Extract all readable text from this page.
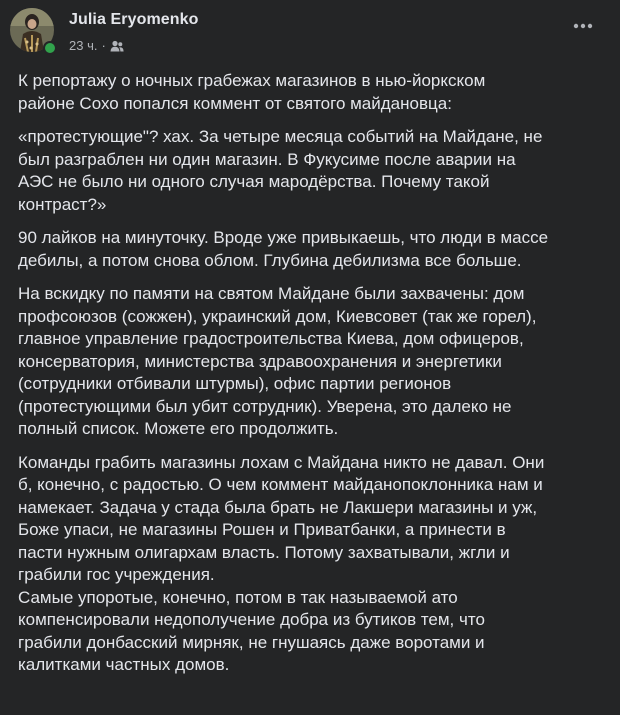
Julia Eryomenko
23 ч. ·

К репортажу о ночных грабежах магазинов в нью-йоркском
районе Сохо попался коммент от святого майдановца:

«протестующие"? хах. За четыре месяца событий на Майдане, не
был разграблен ни один магазин. В Фукусиме после аварии на
АЭС не было ни одного случая мародёрства. Почему такой
контраст?»

90 лайков на минуточку. Вроде уже привыкаешь, что люди в массе
дебилы, а потом снова облом. Глубина дебилизма все больше.

На вскидку по памяти на святом Майдане были захвачены: дом
профсоюзов (сожжен), украинский дом, Киевсовет (так же горел),
главное управление градостроительства Киева, дом офицеров,
консерватория, министерства здравоохранения и энергетики
(сотрудники отбивали штурмы), офис партии регионов
(протестующими был убит сотрудник). Уверена, это далеко не
полный список. Можете его продолжить.

Команды грабить магазины лохам с Майдана никто не давал. Они
б, конечно, с радостью. О чем коммент майданопоклонника нам и
намекает. Задача у стада была брать не Лакшери магазины и уж,
Боже упаси, не магазины Рошен и Приватбанки, а принести в
пасти нужным олигархам власть. Потому захватывали, жгли и
грабили гос учреждения.
Самые упоротые, конечно, потом в так называемой ато
компенсировали недополучение добра из бутиков тем, что
грабили донбасский мирняк, не гнушаясь даже воротами и
калитками частных домов.
